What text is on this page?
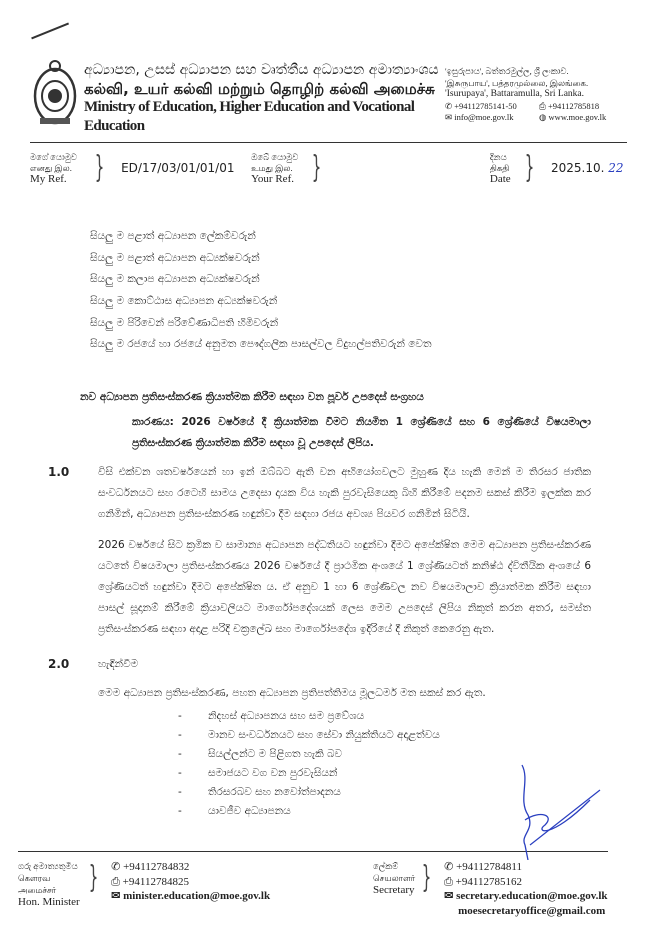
අධ්‍යාපන, උසස් අධ්‍යාපන සහ වෘත්තීය අධ්‍යාපන අමාත්‍යාංශය
கல்வி, உயர் கல்வி மற்றும் தொழிற் கல்வி அமைச்சு
Ministry of Education, Higher Education and Vocational Education
'ඉසුරුපාය', බත්තරමුල්ල, ශ්‍රී ලංකාව.
'இசுருபாய', பத்தரமுல்லை, இலங்கை.
'Isurupaya', Battaramulla, Sri Lanka.
✆ +94112785141-50	⎙ +94112785818
✉ info@moe.gov.lk	◍ www.moe.gov.lk
මගේ යොමුව
எனது இல.
My Ref. } ED/17/03/01/01/01
ඔබේ යොමුව
உமது இல.
Your Ref. }	දිනය
திகதி
Date } 2025.10. 22
සියලු ම පළාත් අධ්‍යාපන ලේකම්වරුන්
සියලු ම පළාත් අධ්‍යාපන අධ්‍යක්ෂවරුන්
සියලු ම කලාප අධ්‍යාපන අධ්‍යක්ෂවරුන්
සියලු ම කොට්ඨාස අධ්‍යාපන අධ්‍යක්ෂවරුන්
සියලු ම පිරිවෙන් පරිවේණාධිපති හිමිවරුන්
සියලු ම රජයේ හා රජයේ අනුමත පෞද්ගලික පාසල්වල විදුහල්පතිවරුන් වෙත
නව අධ්‍යාපන ප්‍රතිසංස්කරණ ක්‍රියාත්මක කිරීම සඳහා වන පූර්ව උපදෙස් සංග්‍රහය
කාරණය: 2026 වර්ෂයේ දී ක්‍රියාත්මක වීමට නියමිත 1 ශ්‍රේණියේ සහ 6 ශ්‍රේණියේ විෂයමාලා ප්‍රතිසංස්කරණ ක්‍රියාත්මක කිරීම සඳහා වූ උපදෙස් ලිපිය.
1.0	විසි එක්වන ශතවර්ෂයෙන් හා ඉන් ඔබ්බට ඇති වන අභියෝගවලට මුහුණ දිය හැකි මෙන් ම තිරසර ජාතික සංවර්ධනයට සහ රටෙහි සාමය උදෙසා දායක විය හැකි පුරවැසියෙකු බිහි කිරීමේ පදනම සකස් කිරීම ඉලක්ක කර ගනිමින්, අධ්‍යාපන ප්‍රතිසංස්කරණ හඳුන්වා දීම සඳහා රජය අවශ්‍ය පියවර ගනිමින් සිටියි.
2026 වර්ෂයේ සිට ක්‍රමික ව සාමාන්‍ය අධ්‍යාපන පද්ධතියට හඳුන්වා දීමට අපේක්ෂිත මෙම අධ්‍යාපන ප්‍රතිසංස්කරණ යටතේ විෂයමාලා ප්‍රතිසංස්කරණය 2026 වර්ෂයේ දී ප්‍රාථමික අංශයේ 1 ශ්‍රේණියටත් කනිෂ්ඨ ද්විතීයික අංශයේ 6 ශ්‍රේණියටත් හඳුන්වා දීමට අපේක්ෂිත ය. ඒ අනුව 1 හා 6 ශ්‍රේණිවල නව විෂයමාලාව ක්‍රියාත්මක කිරීම සඳහා පාසල් සූදානම් කිරීමේ ක්‍රියාවලියට මාර්ගෝපදේශයක් ලෙස මෙම උපදෙස් ලිපිය නිකුත් කරන අතර, සමස්ත ප්‍රතිසංස්කරණ සඳහා අදාළ පරිදි චක්‍රලේඛ සහ මාර්ගෝපදේශ ඉදිරියේ දී නිකුත් කෙරෙනු ඇත.
2.0	හැඳින්වීම
මෙම අධ්‍යාපන ප්‍රතිසංස්කරණ, පහත අධ්‍යාපන ප්‍රතිපත්තිමය මූලධර්ම මත සකස් කර ඇත.
-	නිදහස් අධ්‍යාපනය සහ සම ප්‍රවේශය
-	මානව සංවර්ධනයට සහ සේවා නියුක්තියට අදාළත්වය
-	සියල්ලන්ට ම පිළිගත හැකි බව
-	සමාජයට වග වන පුරවැසියන්
-	තිරසරබව සහ නවෝත්පාදනය
-	යාවජීව අධ්‍යාපනය
ගරු අමාත්‍යතුමිය
கௌரவ அமைச்சர்
Hon. Minister
} ✆ +94112784832
⎙ +94112784825
✉ minister.education@moe.gov.lk
ලේකම්
செயலாளர்
Secretary } ✆ +94112784811
⎙ +94112785162
✉ secretary.education@moe.gov.lk
moesecretaryoffice@gmail.com
